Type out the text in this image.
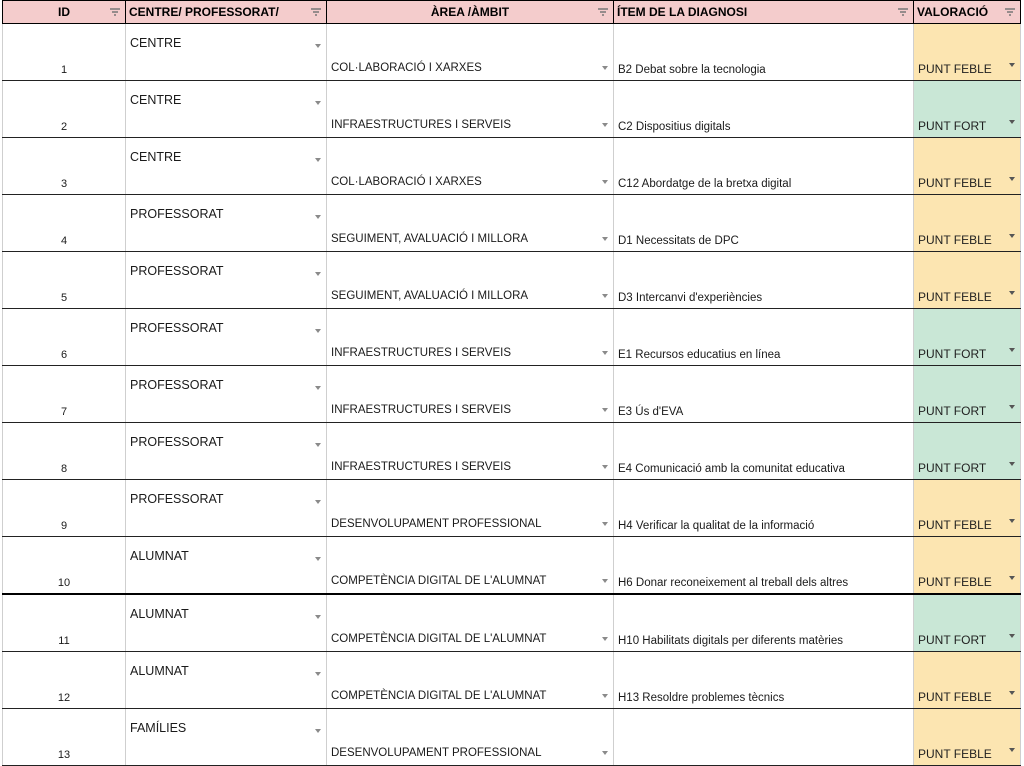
ID	CENTRE/ PROFESSORAT/	ÀREA /ÀMBIT	ÍTEM DE LA DIAGNOSI	VALORACIÓ

1	CENTRE	COL·LABORACIÓ I XARXES	B2 Debat sobre la tecnologia	PUNT FEBLE

2	CENTRE	INFRAESTRUCTURES I SERVEIS	C2 Dispositius digitals	PUNT FORT

3	CENTRE	COL·LABORACIÓ I XARXES	C12 Abordatge de la bretxa digital	PUNT FEBLE

4	PROFESSORAT	SEGUIMENT, AVALUACIÓ I MILLORA	D1 Necessitats de DPC	PUNT FEBLE

5	PROFESSORAT	SEGUIMENT, AVALUACIÓ I MILLORA	D3 Intercanvi d'experiències	PUNT FEBLE

6	PROFESSORAT	INFRAESTRUCTURES I SERVEIS	E1 Recursos educatius en línea	PUNT FORT

7	PROFESSORAT	INFRAESTRUCTURES I SERVEIS	E3 Ús d'EVA	PUNT FORT

8	PROFESSORAT	INFRAESTRUCTURES I SERVEIS	E4 Comunicació amb la comunitat educativa	PUNT FORT

9	PROFESSORAT	DESENVOLUPAMENT PROFESSIONAL	H4 Verificar la qualitat de la informació	PUNT FEBLE

10	ALUMNAT	COMPETÈNCIA DIGITAL DE L'ALUMNAT	H6 Donar reconeixement al treball dels altres	PUNT FEBLE

11	ALUMNAT	COMPETÈNCIA DIGITAL DE L'ALUMNAT	H10 Habilitats digitals per diferents matèries	PUNT FORT

12	ALUMNAT	COMPETÈNCIA DIGITAL DE L'ALUMNAT	H13 Resoldre problemes tècnics	PUNT FEBLE

13	FAMÍLIES	DESENVOLUPAMENT PROFESSIONAL		PUNT FEBLE
